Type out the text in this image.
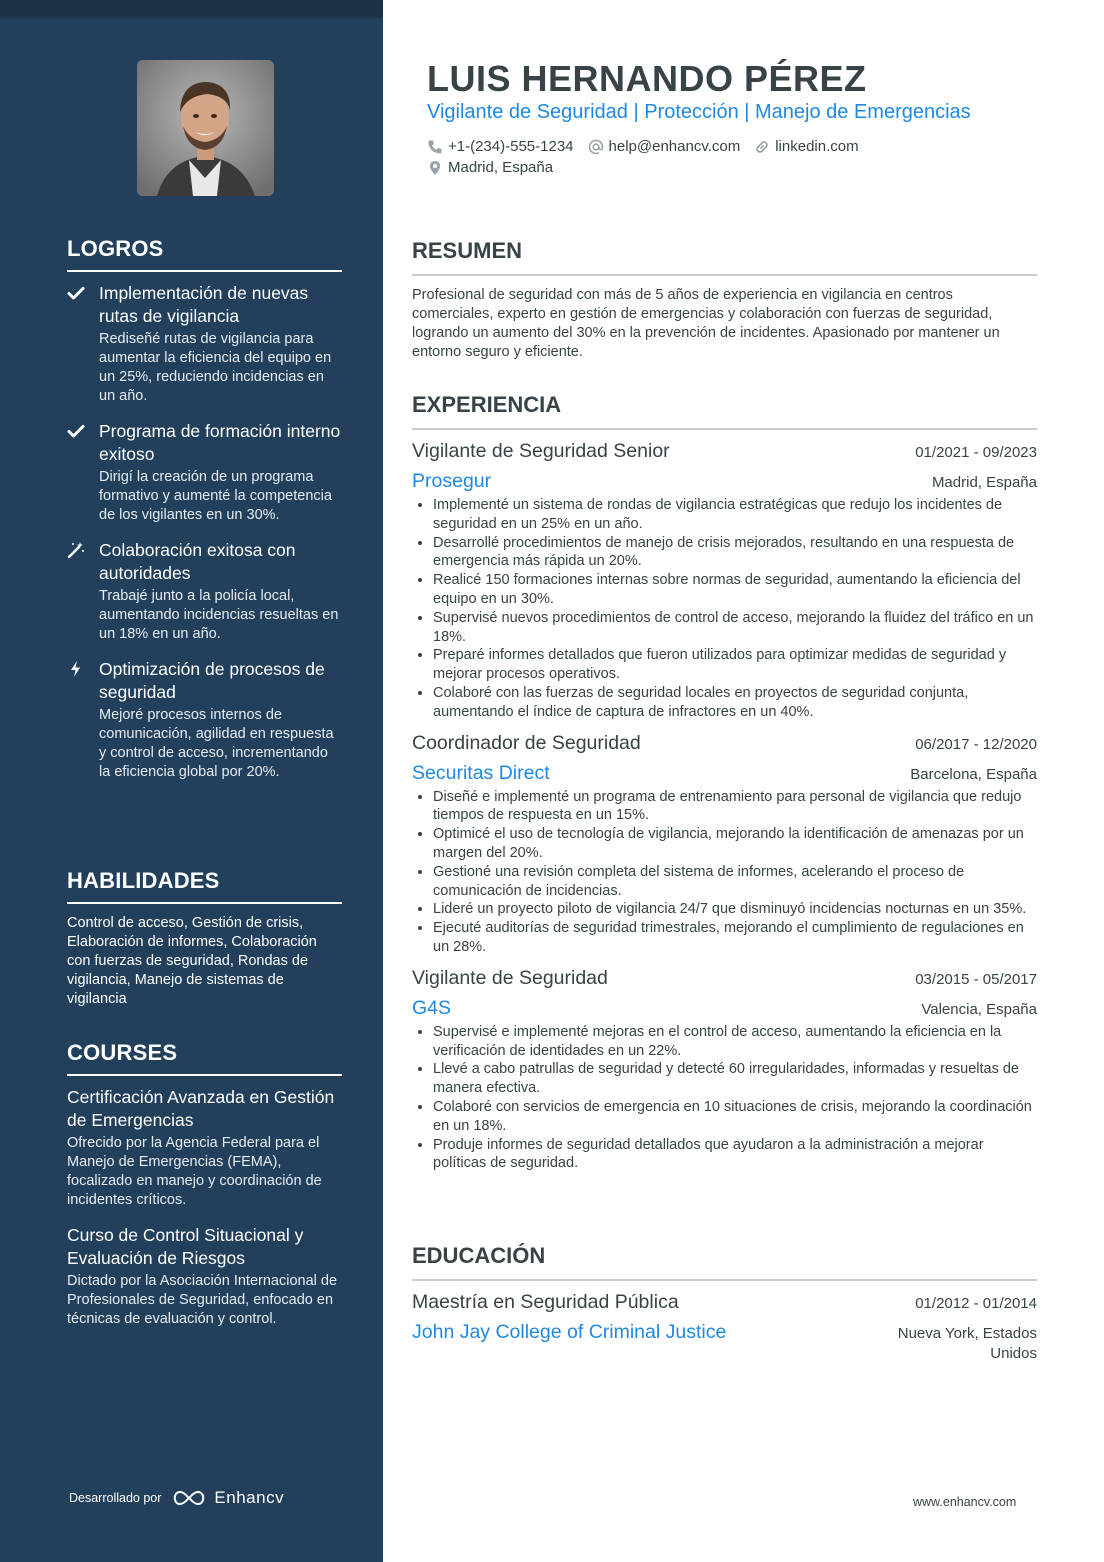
LOGROS
Implementación de nuevas rutas de vigilancia
Rediseñé rutas de vigilancia para aumentar la eficiencia del equipo en un 25%, reduciendo incidencias en un año.
Programa de formación interno exitoso
Dirigí la creación de un programa formativo y aumenté la competencia de los vigilantes en un 30%.
Colaboración exitosa con autoridades
Trabajé junto a la policía local, aumentando incidencias resueltas en un 18% en un año.
Optimización de procesos de seguridad
Mejoré procesos internos de comunicación, agilidad en respuesta y control de acceso, incrementando la eficiencia global por 20%.
HABILIDADES
Control de acceso, Gestión de crisis, Elaboración de informes, Colaboración con fuerzas de seguridad, Rondas de vigilancia, Manejo de sistemas de vigilancia
COURSES
Certificación Avanzada en Gestión de Emergencias
Ofrecido por la Agencia Federal para el Manejo de Emergencias (FEMA), focalizado en manejo y coordinación de incidentes críticos.
Curso de Control Situacional y Evaluación de Riesgos
Dictado por la Asociación Internacional de Profesionales de Seguridad, enfocado en técnicas de evaluación y control.
Desarrollado por	Enhancv
LUIS HERNANDO PÉREZ
Vigilante de Seguridad | Protección | Manejo de Emergencias
+1-(234)-555-1234 help@enhancv.com linkedin.com
Madrid, España
RESUMEN
Profesional de seguridad con más de 5 años de experiencia en vigilancia en centros comerciales, experto en gestión de emergencias y colaboración con fuerzas de seguridad, logrando un aumento del 30% en la prevención de incidentes. Apasionado por mantener un entorno seguro y eficiente.
EXPERIENCIA
Vigilante de Seguridad Senior	01/2021 - 09/2023
Prosegur	Madrid, España
• Implementé un sistema de rondas de vigilancia estratégicas que redujo los incidentes de seguridad en un 25% en un año.
• Desarrollé procedimientos de manejo de crisis mejorados, resultando en una respuesta de emergencia más rápida un 20%.
• Realicé 150 formaciones internas sobre normas de seguridad, aumentando la eficiencia del equipo en un 30%.
• Supervisé nuevos procedimientos de control de acceso, mejorando la fluidez del tráfico en un 18%.
• Preparé informes detallados que fueron utilizados para optimizar medidas de seguridad y mejorar procesos operativos.
• Colaboré con las fuerzas de seguridad locales en proyectos de seguridad conjunta, aumentando el índice de captura de infractores en un 40%.
Coordinador de Seguridad	06/2017 - 12/2020
Securitas Direct	Barcelona, España
• Diseñé e implementé un programa de entrenamiento para personal de vigilancia que redujo tiempos de respuesta en un 15%.
• Optimicé el uso de tecnología de vigilancia, mejorando la identificación de amenazas por un margen del 20%.
• Gestioné una revisión completa del sistema de informes, acelerando el proceso de comunicación de incidencias.
• Lideré un proyecto piloto de vigilancia 24/7 que disminuyó incidencias nocturnas en un 35%.
• Ejecuté auditorías de seguridad trimestrales, mejorando el cumplimiento de regulaciones en un 28%.
Vigilante de Seguridad	03/2015 - 05/2017
G4S	Valencia, España
• Supervisé e implementé mejoras en el control de acceso, aumentando la eficiencia en la verificación de identidades en un 22%.
• Llevé a cabo patrullas de seguridad y detecté 60 irregularidades, informadas y resueltas de manera efectiva.
• Colaboré con servicios de emergencia en 10 situaciones de crisis, mejorando la coordinación en un 18%.
• Produje informes de seguridad detallados que ayudaron a la administración a mejorar políticas de seguridad.
EDUCACIÓN
Maestría en Seguridad Pública	01/2012 - 01/2014
John Jay College of Criminal Justice	Nueva York, Estados Unidos
www.enhancv.com
